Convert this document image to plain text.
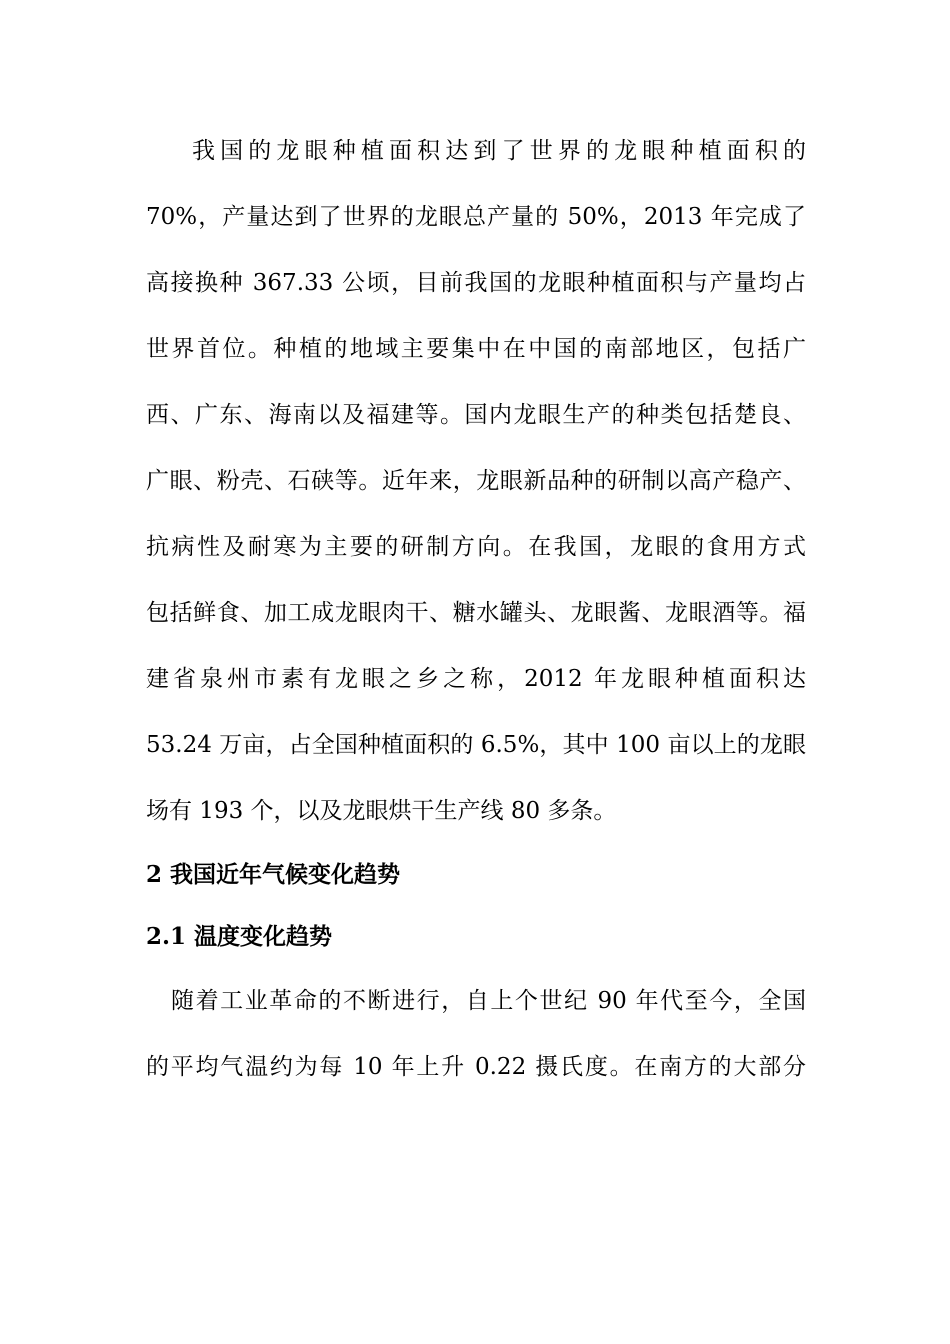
我国的龙眼种植面积达到了世界的龙眼种植面积的
70%，产量达到了世界的龙眼总产量的 50%，2013 年完成了
高接换种 367.33 公顷，目前我国的龙眼种植面积与产量均占
世界首位。种植的地域主要集中在中国的南部地区，包括广
西、广东、海南以及福建等。国内龙眼生产的种类包括楚良、
广眼、粉壳、石硖等。近年来，龙眼新品种的研制以高产稳产、
抗病性及耐寒为主要的研制方向。在我国，龙眼的食用方式
包括鲜食、加工成龙眼肉干、糖水罐头、龙眼酱、龙眼酒等。福
建省泉州市素有龙眼之乡之称，2012 年龙眼种植面积达
53.24 万亩，占全国种植面积的 6.5%，其中 100 亩以上的龙眼
场有 193 个，以及龙眼烘干生产线 80 多条。
2 我国近年气候变化趋势
2.1 温度变化趋势
随着工业革命的不断进行，自上个世纪 90 年代至今，全国
的平均气温约为每 10 年上升 0.22 摄氏度。在南方的大部分
